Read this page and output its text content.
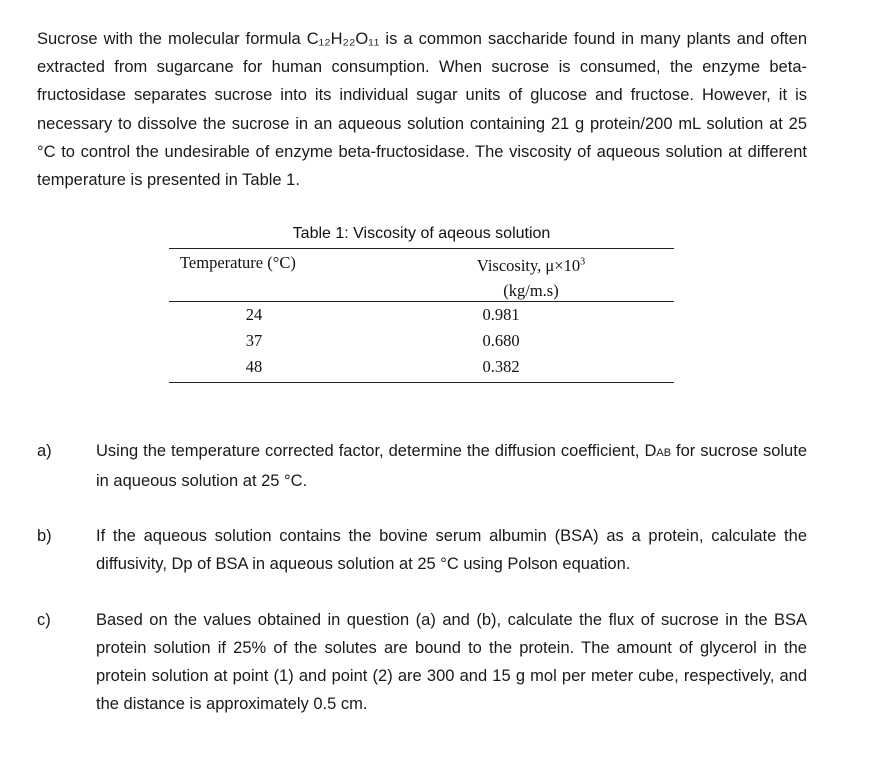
Sucrose with the molecular formula C₁₂H₂₂O₁₁ is a common saccharide found in many plants and often extracted from sugarcane for human consumption. When sucrose is consumed, the enzyme beta-fructosidase separates sucrose into its individual sugar units of glucose and fructose. However, it is necessary to dissolve the sucrose in an aqueous solution containing 21 g protein/200 mL solution at 25 °C to control the undesirable of enzyme beta-fructosidase. The viscosity of aqueous solution at different temperature is presented in Table 1.

Table 1: Viscosity of aqeous solution
Temperature (°C)	Viscosity, $\mu\times 10^3$
(kg/m.s)
24	0.981
37	0.680
48	0.382
a)	Using the temperature corrected factor, determine the diffusion coefficient, DAB for sucrose solute in aqueous solution at 25 °C.
b)	If the aqueous solution contains the bovine serum albumin (BSA) as a protein, calculate the diffusivity, Dp of BSA in aqueous solution at 25 °C using Polson equation.
c)	Based on the values obtained in question (a) and (b), calculate the flux of sucrose in the BSA protein solution if 25% of the solutes are bound to the protein. The amount of glycerol in the protein solution at point (1) and point (2) are 300 and 15 g mol per meter cube, respectively, and the distance is approximately 0.5 cm.
